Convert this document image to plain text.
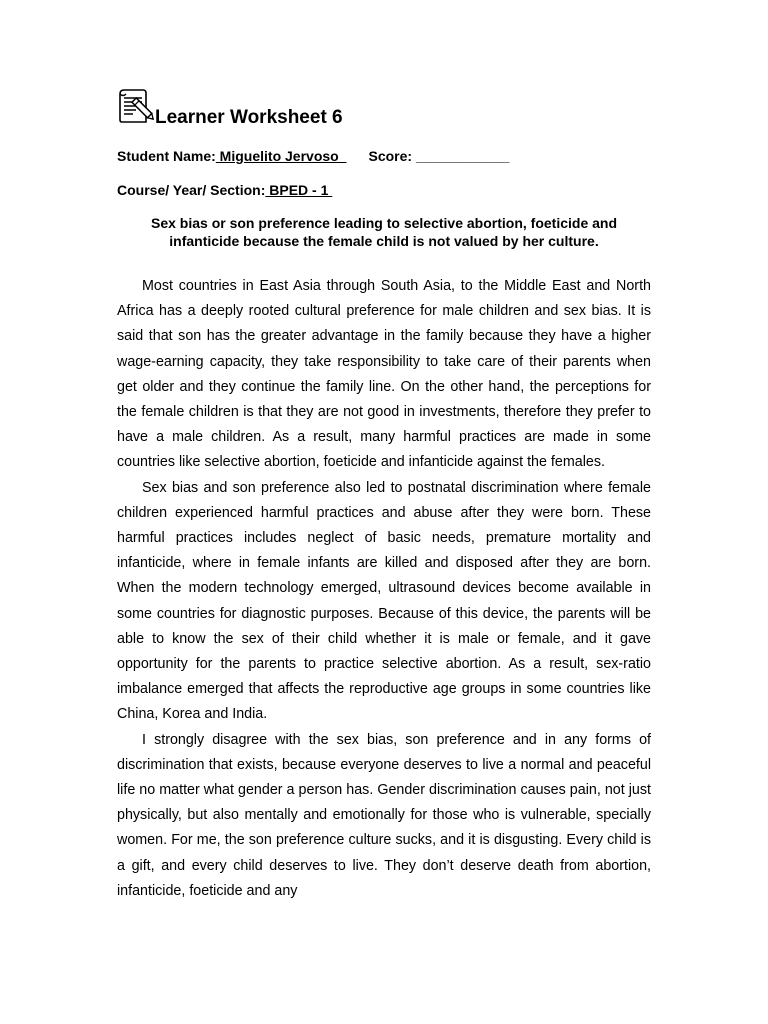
Learner Worksheet 6
Student Name: Miguelito Jervoso  Score: ____________
Course/ Year/ Section: BPED - 1
Sex bias or son preference leading to selective abortion, foeticide and infanticide because the female child is not valued by her culture.

Most countries in East Asia through South Asia, to the Middle East and North Africa has a deeply rooted cultural preference for male children and sex bias. It is said that son has the greater advantage in the family because they have a higher wage-earning capacity, they take responsibility to take care of their parents when get older and they continue the family line. On the other hand, the perceptions for the female children is that they are not good in investments, therefore they prefer to have a male children. As a result, many harmful practices are made in some countries like selective abortion, foeticide and infanticide against the females.

Sex bias and son preference also led to postnatal discrimination where female children experienced harmful practices and abuse after they were born. These harmful practices includes neglect of basic needs, premature mortality and infanticide, where in female infants are killed and disposed after they are born. When the modern technology emerged, ultrasound devices become available in some countries for diagnostic purposes. Because of this device, the parents will be able to know the sex of their child whether it is male or female, and it gave opportunity for the parents to practice selective abortion. As a result, sex-ratio imbalance emerged that affects the reproductive age groups in some countries like China, Korea and India.

I strongly disagree with the sex bias, son preference and in any forms of discrimination that exists, because everyone deserves to live a normal and peaceful life no matter what gender a person has. Gender discrimination causes pain, not just physically, but also mentally and emotionally for those who is vulnerable, specially women. For me, the son preference culture sucks, and it is disgusting. Every child is a gift, and every child deserves to live. They don’t deserve death from abortion, infanticide, foeticide and any
